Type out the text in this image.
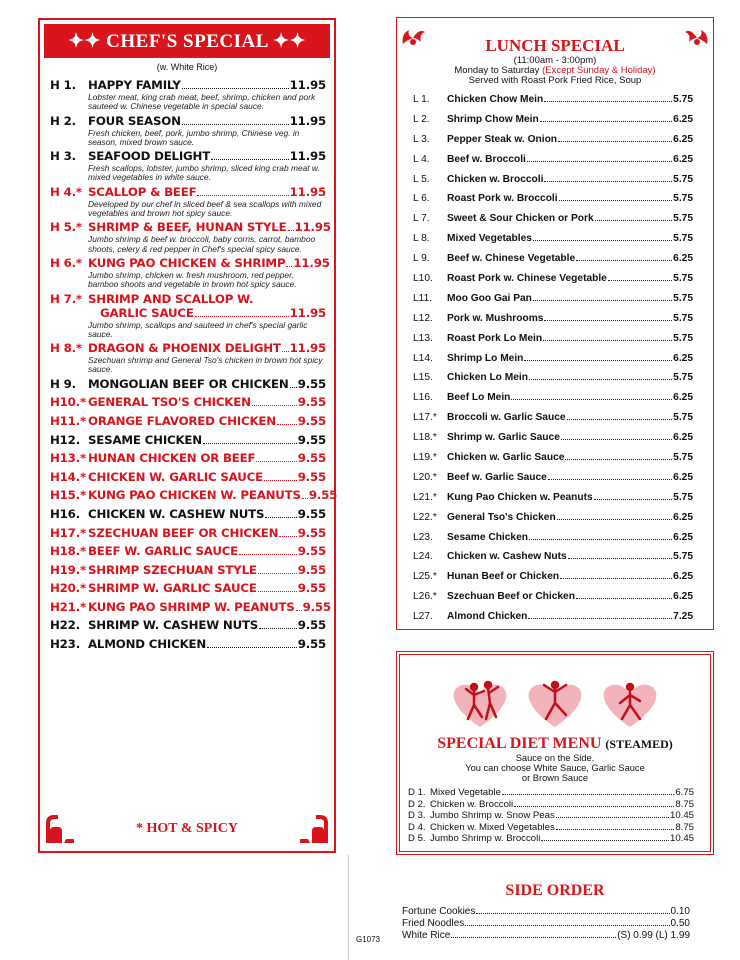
✦✦ CHEF'S SPECIAL ✦✦
(w. White Rice)
H 1.	HAPPY FAMILY	11.95
Lobster meat, king crab meat, beef, shrimp, chicken and pork sauteed w. Chinese vegetable in special sauce.
H 2.	FOUR SEASON	11.95
Fresh chicken, beef, pork, jumbo shrimp, Chinese veg. in season, mixed brown sauce.
H 3.	SEAFOOD DELIGHT	11.95
Fresh scallops, lobster, jumbo shrimp, sliced king crab meat w. mixed vegetables in white sauce.
H 4.* SCALLOP & BEEF	11.95
Developed by our chef in sliced beef & sea scallops with mixed vegetables and brown hot spicy sauce.
H 5.* SHRIMP & BEEF, HUNAN STYLE 11.95
Jumbo shrimp & beef w. broccoli, baby corns, carrot, bamboo shoots, celery & red pepper in Chef's special spicy sauce.
H 6.* KUNG PAO CHICKEN & SHRIMP 11.95
Jumbo shrimp, chicken w. fresh mushroom, red pepper, bamboo shoots and vegetable in brown hot spicy sauce.
H 7.* SHRIMP AND SCALLOP W.
GARLIC SAUCE	11.95
Jumbo shrimp, scallops and sauteed in chef's special garlic sauce.
H 8.* DRAGON & PHOENIX DELIGHT 11.95
Szechuan shrimp and General Tso's chicken in brown hot spicy sauce.
H 9.	MONGOLIAN BEEF OR CHICKEN 9.55
H10.* GENERAL TSO'S CHICKEN	9.55
H11.* ORANGE FLAVORED CHICKEN 9.55
H12. SESAME CHICKEN	9.55
H13.* HUNAN CHICKEN OR BEEF	9.55
H14.* CHICKEN W. GARLIC SAUCE	9.55
H15.* KUNG PAO CHICKEN W. PEANUTS 9.55
H16. CHICKEN W. CASHEW NUTS	9.55
H17.* SZECHUAN BEEF OR CHICKEN 9.55
H18.* BEEF W. GARLIC SAUCE	9.55
H19.* SHRIMP SZECHUAN STYLE	9.55
H20.* SHRIMP W. GARLIC SAUCE	9.55
H21.* KUNG PAO SHRIMP W. PEANUTS 9.55
H22. SHRIMP W. CASHEW NUTS	9.55
H23. ALMOND CHICKEN	9.55
* HOT & SPICY
LUNCH SPECIAL
(11:00am - 3:00pm)
Monday to Saturday (Except Sunday & Holiday)
Served with Roast Pork Fried Rice, Soup
L 1.	Chicken Chow Mein	5.75
L 2.	Shrimp Chow Mein	6.25
L 3.	Pepper Steak w. Onion	6.25
L 4.	Beef w. Broccoli	6.25
L 5.	Chicken w. Broccoli	5.75
L 6.	Roast Pork w. Broccoli	5.75
L 7.	Sweet & Sour Chicken or Pork	5.75
L 8.	Mixed Vegetables	5.75
L 9.	Beef w. Chinese Vegetable	6.25
L10.	Roast Pork w. Chinese Vegetable	5.75
L11.	Moo Goo Gai Pan	5.75
L12.	Pork w. Mushrooms	5.75
L13.	Roast Pork Lo Mein	5.75
L14.	Shrimp Lo Mein	6.25
L15.	Chicken Lo Mein	5.75
L16.	Beef Lo Mein	6.25
L17.*	Broccoli w. Garlic Sauce	5.75
L18.*	Shrimp w. Garlic Sauce	6.25
L19.*	Chicken w. Garlic Sauce	5.75
L20.*	Beef w. Garlic Sauce	6.25
L21.*	Kung Pao Chicken w. Peanuts	5.75
L22.*	General Tso's Chicken	6.25
L23.	Sesame Chicken	6.25
L24.	Chicken w. Cashew Nuts	5.75
L25.*	Hunan Beef or Chicken	6.25
L26.*	Szechuan Beef or Chicken	6.25
L27.	Almond Chicken	7.25
SPECIAL DIET MENU (STEAMED)
Sauce on the Side.
You can choose White Sauce, Garlic Sauce
or Brown Sauce
D 1. Mixed Vegetable	6.75
D 2. Chicken w. Broccoli	8.75
D 3. Jumbo Shrimp w. Snow Peas	10.45
D 4. Chicken w. Mixed Vegetables	8.75
D 5. Jumbo Shrimp w. Broccoli	10.45
SIDE ORDER
Fortune Cookies	0.10
Fried Noodles	0.50
White Rice	(S) 0.99 (L) 1.99
G1073
